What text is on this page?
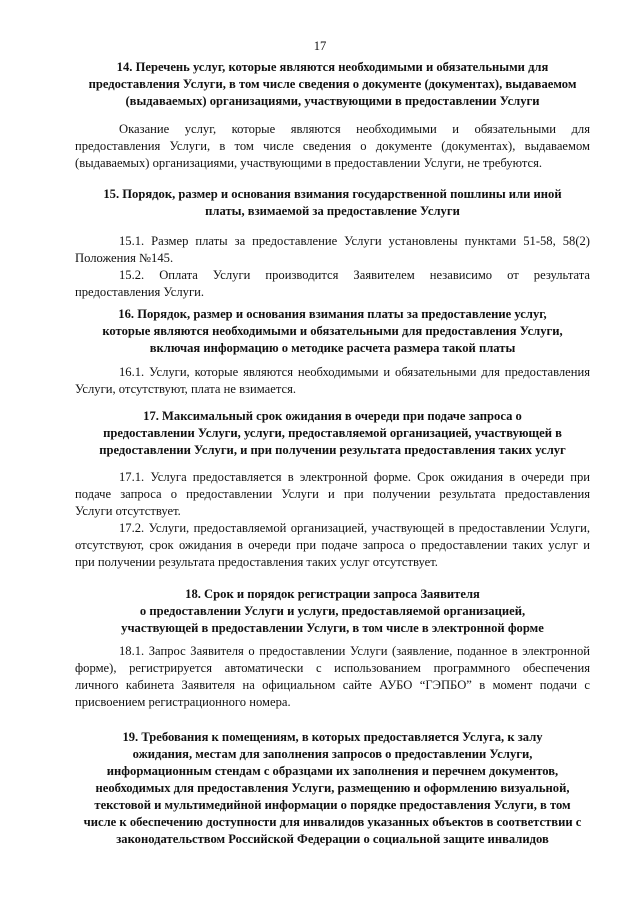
17
14. Перечень услуг, которые являются необходимыми и обязательными для
предоставления Услуги, в том числе сведения о документе (документах), выдаваемом
(выдаваемых) организациями, участвующими в предоставлении Услуги
Оказание услуг, которые являются необходимыми и обязательными для
предоставления Услуги, в том числе сведения о документе (документах), выдаваемом
(выдаваемых) организациями, участвующими в предоставлении Услуги, не требуются.
15. Порядок, размер и основания взимания государственной пошлины или иной
платы, взимаемой за предоставление Услуги
15.1. Размер платы за предоставление Услуги установлены пунктами 51-58, 58(2)
Положения №145.
15.2. Оплата Услуги производится Заявителем независимо от результата
предоставления Услуги.
16. Порядок, размер и основания взимания платы за предоставление услуг,
которые являются необходимыми и обязательными для предоставления Услуги,
включая информацию о методике расчета размера такой платы
16.1. Услуги, которые являются необходимыми и обязательными для предоставления
Услуги, отсутствуют, плата не взимается.
17. Максимальный срок ожидания в очереди при подаче запроса о
предоставлении Услуги, услуги, предоставляемой организацией, участвующей в
предоставлении Услуги, и при получении результата предоставления таких услуг
17.1. Услуга предоставляется в электронной форме. Срок ожидания в очереди при
подаче запроса о предоставлении Услуги и при получении результата предоставления
Услуги отсутствует.
17.2. Услуги, предоставляемой организацией, участвующей в предоставлении Услуги,
отсутствуют, срок ожидания в очереди при подаче запроса о предоставлении таких услуг и
при получении результата предоставления таких услуг отсутствует.
18. Срок и порядок регистрации запроса Заявителя
о предоставлении Услуги и услуги, предоставляемой организацией,
участвующей в предоставлении Услуги, в том числе в электронной форме
18.1. Запрос Заявителя о предоставлении Услуги (заявление, поданное в электронной
форме), регистрируется автоматически с использованием программного обеспечения
личного кабинета Заявителя на официальном сайте АУБО “ГЭПБО” в момент подачи с
присвоением регистрационного номера.
19. Требования к помещениям, в которых предоставляется Услуга, к залу
ожидания, местам для заполнения запросов о предоставлении Услуги,
информационным стендам с образцами их заполнения и перечнем документов,
необходимых для предоставления Услуги, размещению и оформлению визуальной,
текстовой и мультимедийной информации о порядке предоставления Услуги, в том
числе к обеспечению доступности для инвалидов указанных объектов в соответствии с
законодательством Российской Федерации о социальной защите инвалидов
